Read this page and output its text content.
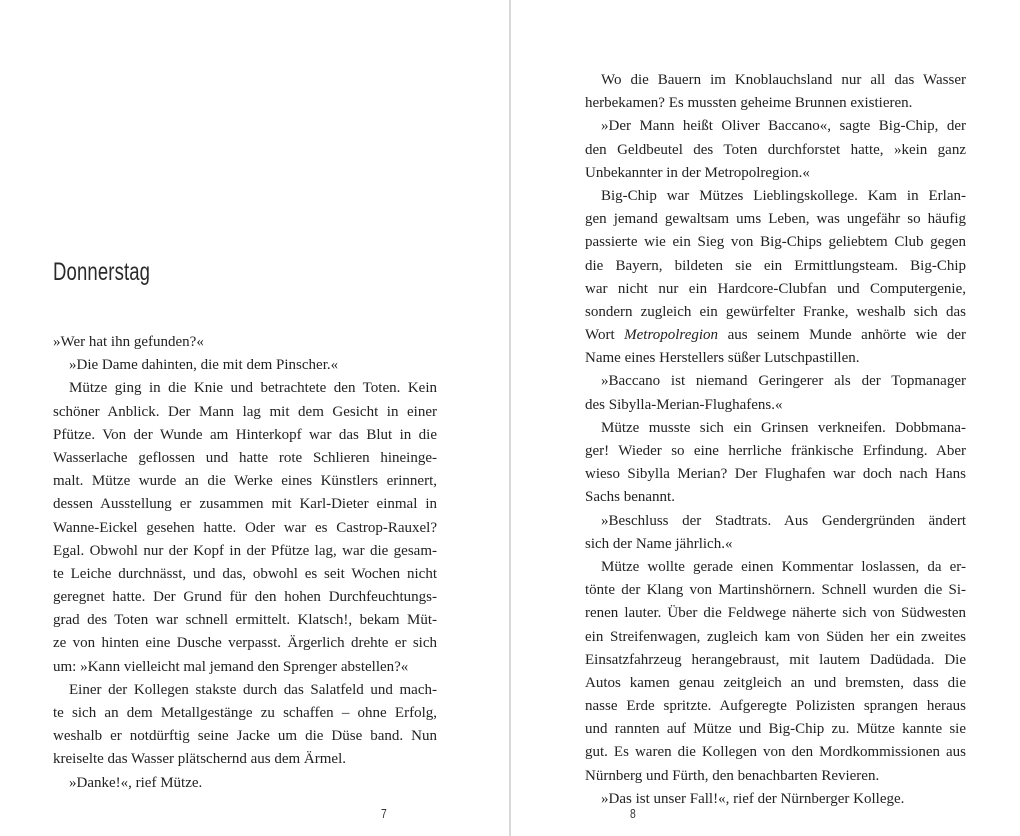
Donnerstag
»Wer hat ihn gefunden?«
»Die Dame dahinten, die mit dem Pinscher.«
Mütze ging in die Knie und betrachtete den Toten. Kein
schöner Anblick. Der Mann lag mit dem Gesicht in einer
Pfütze. Von der Wunde am Hinterkopf war das Blut in die
Wasserlache geflossen und hatte rote Schlieren hineinge-
malt. Mütze wurde an die Werke eines Künstlers erinnert,
dessen Ausstellung er zusammen mit Karl-Dieter einmal in
Wanne-Eickel gesehen hatte. Oder war es Castrop-Rauxel?
Egal. Obwohl nur der Kopf in der Pfütze lag, war die gesam-
te Leiche durchnässt, und das, obwohl es seit Wochen nicht
geregnet hatte. Der Grund für den hohen Durchfeuchtungs-
grad des Toten war schnell ermittelt. Klatsch!, bekam Müt-
ze von hinten eine Dusche verpasst. Ärgerlich drehte er sich
um: »Kann vielleicht mal jemand den Sprenger abstellen?«
Einer der Kollegen stakste durch das Salatfeld und mach-
te sich an dem Metallgestänge zu schaffen – ohne Erfolg,
weshalb er notdürftig seine Jacke um die Düse band. Nun
kreiselte das Wasser plätschernd aus dem Ärmel.
»Danke!«, rief Mütze.
7
Wo die Bauern im Knoblauchsland nur all das Wasser
herbekamen? Es mussten geheime Brunnen existieren.
»Der Mann heißt Oliver Baccano«, sagte Big-Chip, der
den Geldbeutel des Toten durchforstet hatte, »kein ganz
Unbekannter in der Metropolregion.«
Big-Chip war Mützes Lieblingskollege. Kam in Erlan-
gen jemand gewaltsam ums Leben, was ungefähr so häufig
passierte wie ein Sieg von Big-Chips geliebtem Club gegen
die Bayern, bildeten sie ein Ermittlungsteam. Big-Chip
war nicht nur ein Hardcore-Clubfan und Computergenie,
sondern zugleich ein gewürfelter Franke, weshalb sich das
Wort Metropolregion aus seinem Munde anhörte wie der
Name eines Herstellers süßer Lutschpastillen.
»Baccano ist niemand Geringerer als der Topmanager
des Sibylla-Merian-Flughafens.«
Mütze musste sich ein Grinsen verkneifen. Dobbmana-
ger! Wieder so eine herrliche fränkische Erfindung. Aber
wieso Sibylla Merian? Der Flughafen war doch nach Hans
Sachs benannt.
»Beschluss der Stadtrats. Aus Gendergründen ändert
sich der Name jährlich.«
Mütze wollte gerade einen Kommentar loslassen, da er-
tönte der Klang von Martinshörnern. Schnell wurden die Si-
renen lauter. Über die Feldwege näherte sich von Südwesten
ein Streifenwagen, zugleich kam von Süden her ein zweites
Einsatzfahrzeug herangebraust, mit lautem Dadüdada. Die
Autos kamen genau zeitgleich an und bremsten, dass die
nasse Erde spritzte. Aufgeregte Polizisten sprangen heraus
und rannten auf Mütze und Big-Chip zu. Mütze kannte sie
gut. Es waren die Kollegen von den Mordkommissionen aus
Nürnberg und Fürth, den benachbarten Revieren.
»Das ist unser Fall!«, rief der Nürnberger Kollege.
8
